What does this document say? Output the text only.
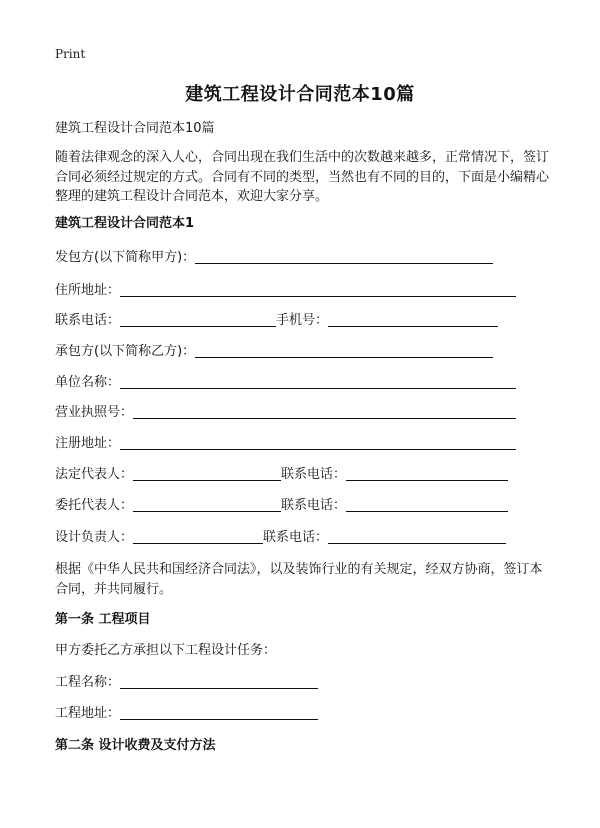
Print
建筑工程设计合同范本10篇
建筑工程设计合同范本10篇
随着法律观念的深入人心，合同出现在我们生活中的次数越来越多，正常情况下，签订合同必须经过规定的方式。合同有不同的类型，当然也有不同的目的，下面是小编精心整理的建筑工程设计合同范本，欢迎大家分享。
建筑工程设计合同范本1
发包方(以下简称甲方)：
住所地址：
联系电话：	手机号：
承包方(以下简称乙方)：
单位名称：
营业执照号：
注册地址：
法定代表人：	联系电话：
委托代表人：	联系电话：
设计负责人：	联系电话：
根据《中华人民共和国经济合同法》，以及装饰行业的有关规定，经双方协商，签订本合同，并共同履行。
第一条 工程项目
甲方委托乙方承担以下工程设计任务：
工程名称：
工程地址：
第二条 设计收费及支付方法
